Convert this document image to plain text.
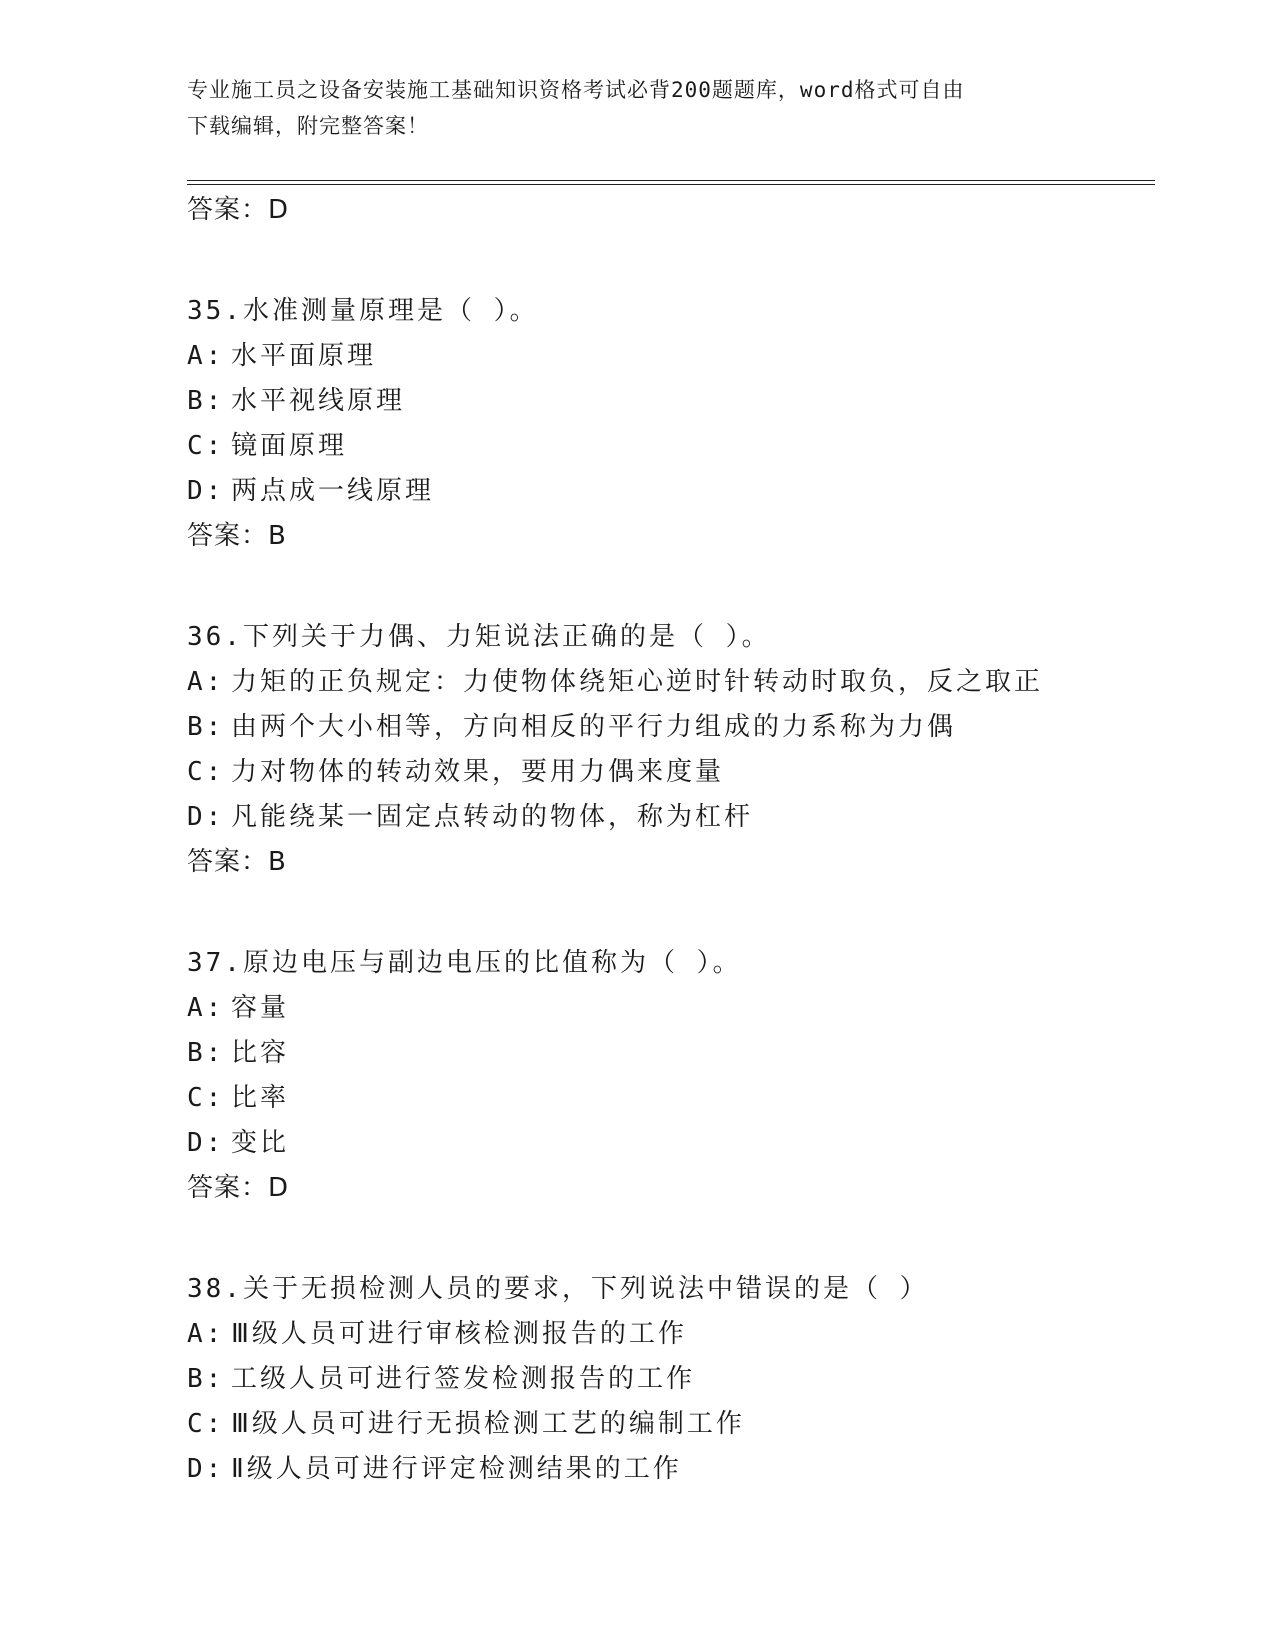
专业施工员之设备安装施工基础知识资格考试必背200题题库，word格式可自由
下载编辑，附完整答案！
答案：D
35.水准测量原理是（ ）。
A: 水平面原理
B: 水平视线原理
C: 镜面原理
D: 两点成一线原理
答案：B
36.下列关于力偶、力矩说法正确的是（ ）。
A: 力矩的正负规定：力使物体绕矩心逆时针转动时取负，反之取正
B: 由两个大小相等，方向相反的平行力组成的力系称为力偶
C: 力对物体的转动效果，要用力偶来度量
D: 凡能绕某一固定点转动的物体，称为杠杆
答案：B
37.原边电压与副边电压的比值称为（ ）。
A: 容量
B: 比容
C: 比率
D: 变比
答案：D
38.关于无损检测人员的要求，下列说法中错误的是（ ）
A: Ⅲ级人员可进行审核检测报告的工作
B: 工级人员可进行签发检测报告的工作
C: Ⅲ级人员可进行无损检测工艺的编制工作
D: Ⅱ级人员可进行评定检测结果的工作
